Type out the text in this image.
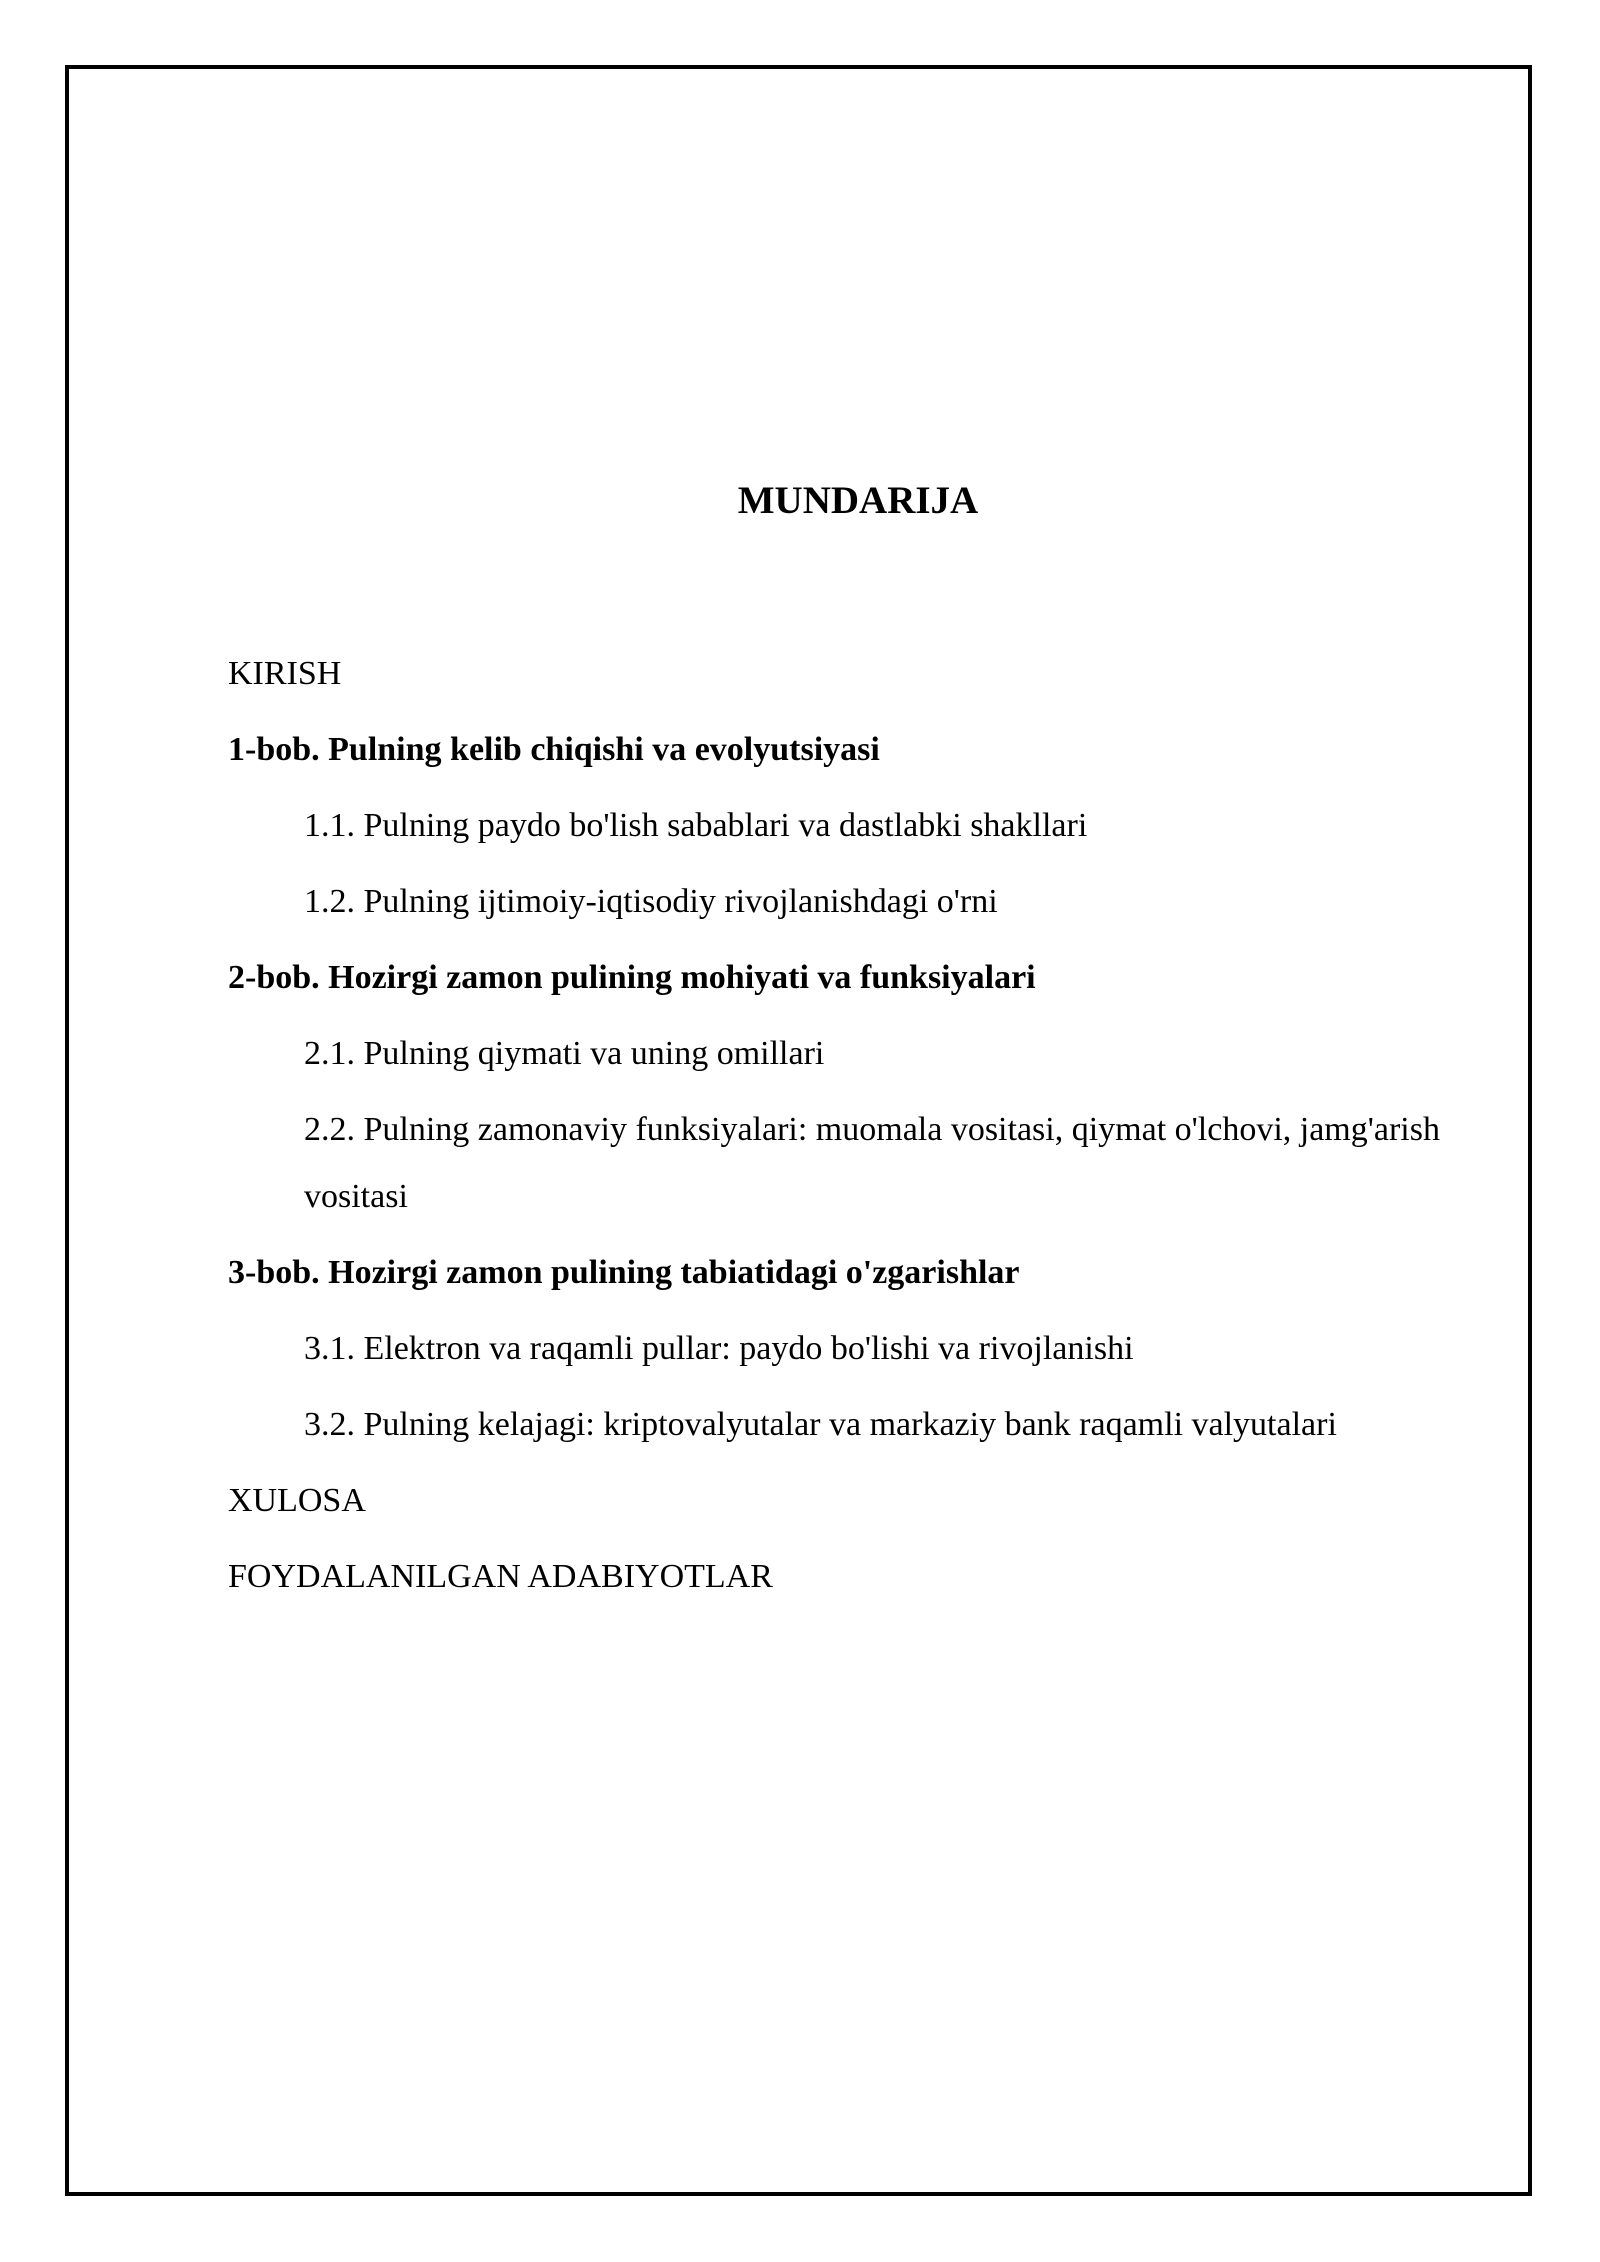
MUNDARIJA
KIRISH
1-bob. Pulning kelib chiqishi va evolyutsiyasi
1.1. Pulning paydo bo'lish sabablari va dastlabki shakllari
1.2. Pulning ijtimoiy-iqtisodiy rivojlanishdagi o'rni
2-bob. Hozirgi zamon pulining mohiyati va funksiyalari
2.1. Pulning qiymati va uning omillari
2.2. Pulning zamonaviy funksiyalari: muomala vositasi, qiymat o'lchovi, jamg'arish vositasi
3-bob. Hozirgi zamon pulining tabiatidagi o'zgarishlar
3.1. Elektron va raqamli pullar: paydo bo'lishi va rivojlanishi
3.2. Pulning kelajagi: kriptovalyutalar va markaziy bank raqamli valyutalari
XULOSA
FOYDALANILGAN ADABIYOTLAR
